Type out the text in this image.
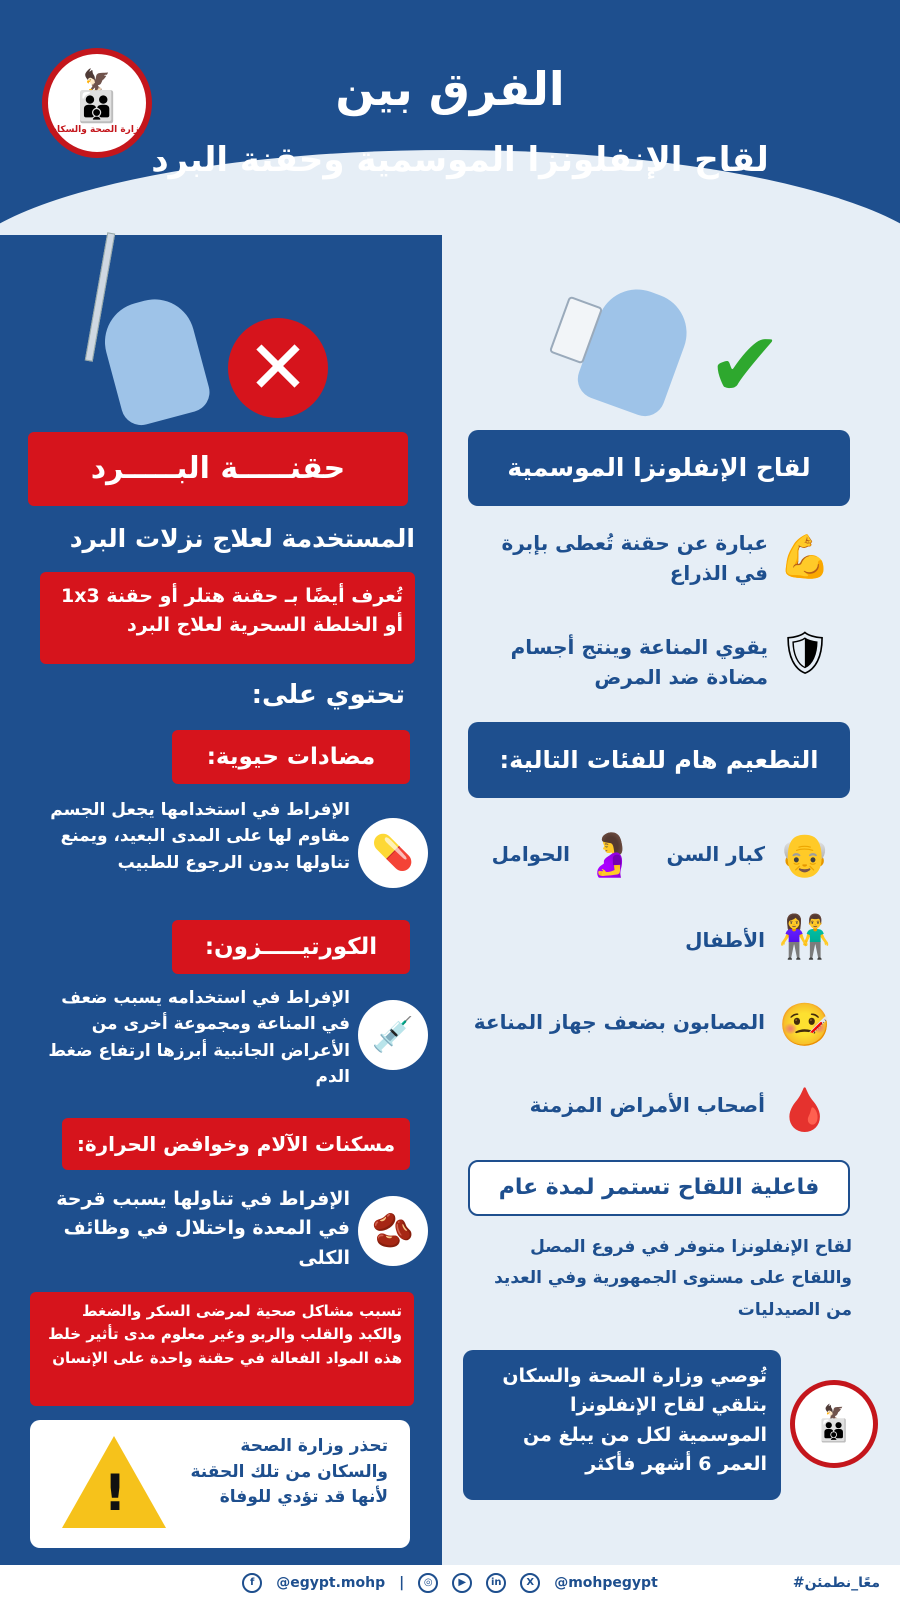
الفرق بين
لقاح الإنفلونزا الموسمية وحقنة البرد
🦅
👪
وزارة الصحة والسكان
✕	✔
حقنـــــة البـــــرد
المستخدمة لعلاج نزلات البرد
تُعرف أيضًا بـ حقنة هتلر أو حقنة 1x3 أو الخلطة السحرية لعلاج البرد
تحتوي على:
مضادات حيوية:
الإفراط في استخدامها يجعل الجسم مقاوم لها على المدى البعيد، ويمنع تناولها بدون الرجوع للطبيب 💊
الكورتيـــــزون:
الإفراط في استخدامه يسبب ضعف في المناعة ومجموعة أخرى من الأعراض الجانبية أبرزها ارتفاع ضغط الدم
💉
مسكنات الآلام وخوافض الحرارة:
الإفراط في تناولها يسبب قرحة في المعدة واختلال في وظائف الكلى
🫘
تسبب مشاكل صحية لمرضى السكر والضغط والكبد والقلب والربو وغير معلوم مدى تأثير خلط هذه المواد الفعالة في حقنة واحدة على الإنسان
!
تحذر وزارة الصحة والسكان من تلك الحقنة لأنها قد تؤدي للوفاة
لقاح الإنفلونزا الموسمية
عبارة عن حقنة تُعطى بإبرة في الذراع 💪
يقوي المناعة وينتج أجسام مضادة ضد المرض 🛡
التطعيم هام للفئات التالية:
كبار السن 👴
الحوامل 🤰
الأطفال 👫
المصابون بضعف جهاز المناعة 🤒
أصحاب الأمراض المزمنة 🩸
فاعلية اللقاح تستمر لمدة عام
لقاح الإنفلونزا متوفر في فروع المصل واللقاح على مستوى الجمهورية وفي العديد من الصيدليات
تُوصي وزارة الصحة والسكان بتلقي لقاح الإنفلونزا الموسمية لكل من يبلغ من العمر 6 أشهر فأكثر
🦅
👪
f	@egypt.mohp |	◎	▶	in	X	@mohpegypt	#معًا_نطمئن
